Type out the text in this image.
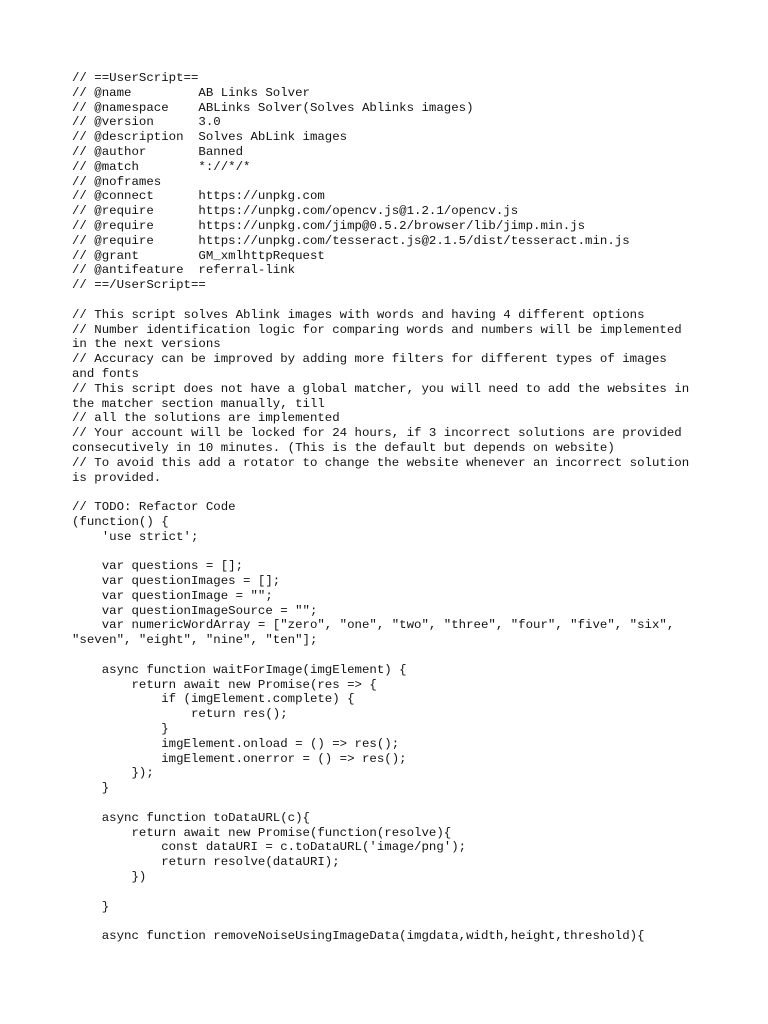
// ==UserScript==
// @name         AB Links Solver
// @namespace    ABLinks Solver(Solves Ablinks images)
// @version      3.0
// @description  Solves AbLink images
// @author       Banned
// @match        *://*/*
// @noframes
// @connect      https://unpkg.com
// @require      https://unpkg.com/opencv.js@1.2.1/opencv.js
// @require      https://unpkg.com/jimp@0.5.2/browser/lib/jimp.min.js
// @require      https://unpkg.com/tesseract.js@2.1.5/dist/tesseract.min.js
// @grant        GM_xmlhttpRequest
// @antifeature  referral-link
// ==/UserScript==
// This script solves Ablink images with words and having 4 different options
// Number identification logic for comparing words and numbers will be implemented
in the next versions
// Accuracy can be improved by adding more filters for different types of images
and fonts
// This script does not have a global matcher, you will need to add the websites in
the matcher section manually, till
// all the solutions are implemented
// Your account will be locked for 24 hours, if 3 incorrect solutions are provided
consecutively in 10 minutes. (This is the default but depends on website)
// To avoid this add a rotator to change the website whenever an incorrect solution
is provided.
// TODO: Refactor Code
(function() {
'use strict';
var questions = [];
var questionImages = [];
var questionImage = "";
var questionImageSource = "";
var numericWordArray = ["zero", "one", "two", "three", "four", "five", "six",
"seven", "eight", "nine", "ten"];
async function waitForImage(imgElement) {
return await new Promise(res => {
if (imgElement.complete) {
return res();
}
imgElement.onload = () => res();
imgElement.onerror = () => res();
});
}
async function toDataURL(c){
return await new Promise(function(resolve){
const dataURI = c.toDataURL('image/png');
return resolve(dataURI);
})
}
async function removeNoiseUsingImageData(imgdata,width,height,threshold){
